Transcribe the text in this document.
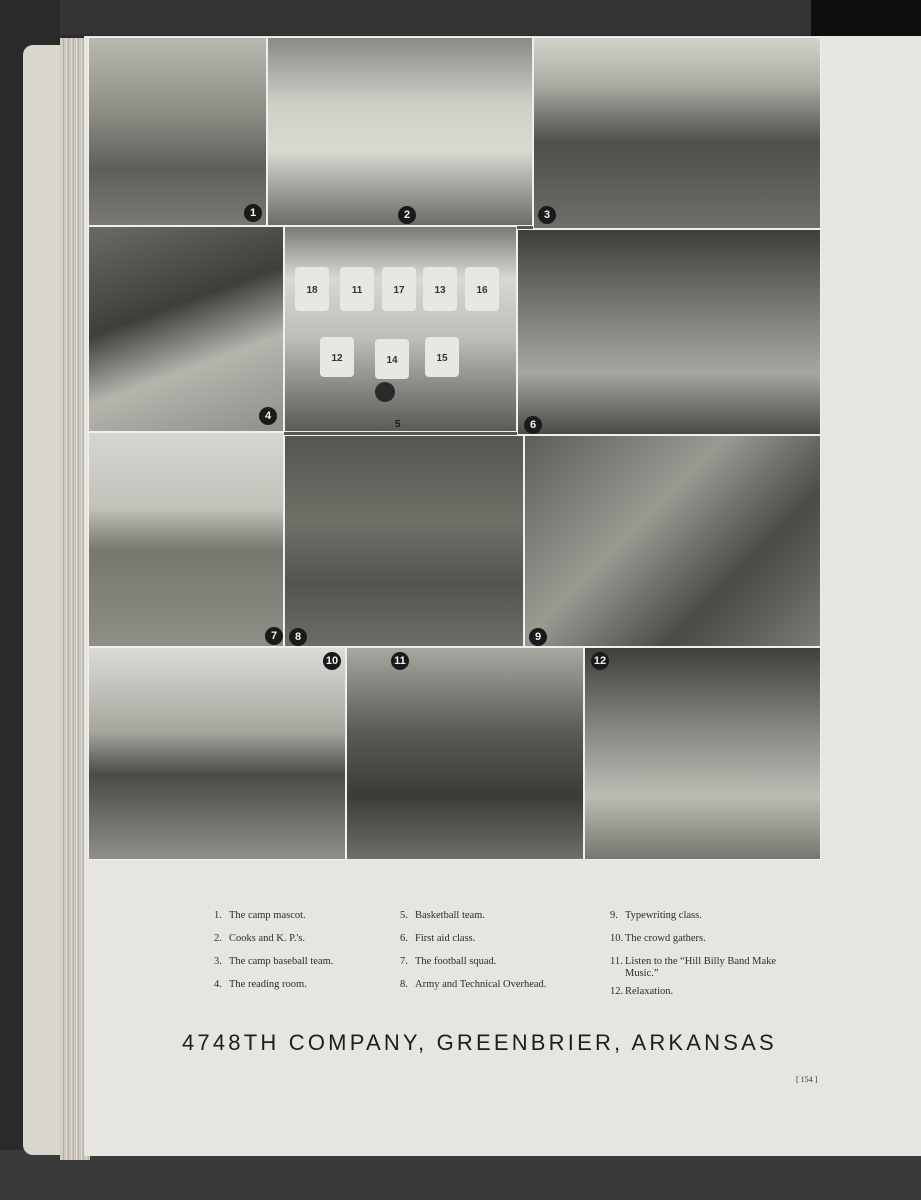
1	2	3
4
18	11	17	13	16
12	14	15
5	6
7	8	9
10	11	12
1. The camp mascot.
2. Cooks and K. P.'s.
3. The camp baseball team.
4. The reading room.
5. Basketball team.
6. First aid class.
7. The football squad.
8. Army and Technical Overhead.
9. Typewriting class.
10. The crowd gathers.
11. Listen to the “Hill Billy Band Make Music.”
12. Relaxation.
4748TH COMPANY, GREENBRIER, ARKANSAS
[ 154 ]
